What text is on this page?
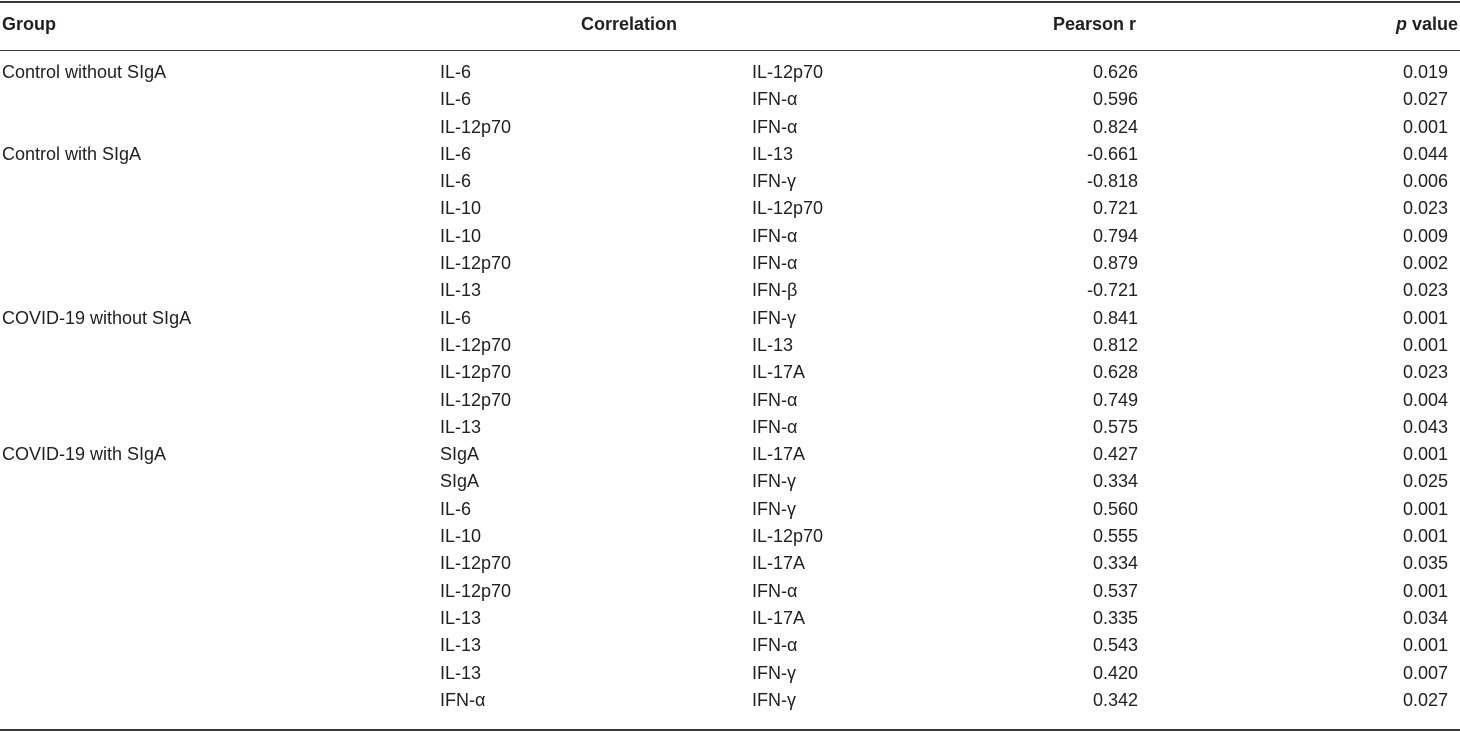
Group	Correlation	Pearson r	p value
Control without SIgA	IL-6	IL-12p70	0.626	0.019
IL-6	IFN-α	0.596	0.027
IL-12p70	IFN-α	0.824	0.001
Control with SIgA	IL-6	IL-13	-0.661	0.044
IL-6	IFN-γ	-0.818	0.006
IL-10	IL-12p70	0.721	0.023
IL-10	IFN-α	0.794	0.009
IL-12p70	IFN-α	0.879	0.002
IL-13	IFN-β	-0.721	0.023
COVID-19 without SIgA	IL-6	IFN-γ	0.841	0.001
IL-12p70	IL-13	0.812	0.001
IL-12p70	IL-17A	0.628	0.023
IL-12p70	IFN-α	0.749	0.004
IL-13	IFN-α	0.575	0.043
COVID-19 with SIgA	SIgA	IL-17A	0.427	0.001
SIgA	IFN-γ	0.334	0.025
IL-6	IFN-γ	0.560	0.001
IL-10	IL-12p70	0.555	0.001
IL-12p70	IL-17A	0.334	0.035
IL-12p70	IFN-α	0.537	0.001
IL-13	IL-17A	0.335	0.034
IL-13	IFN-α	0.543	0.001
IL-13	IFN-γ	0.420	0.007
IFN-α	IFN-γ	0.342	0.027
